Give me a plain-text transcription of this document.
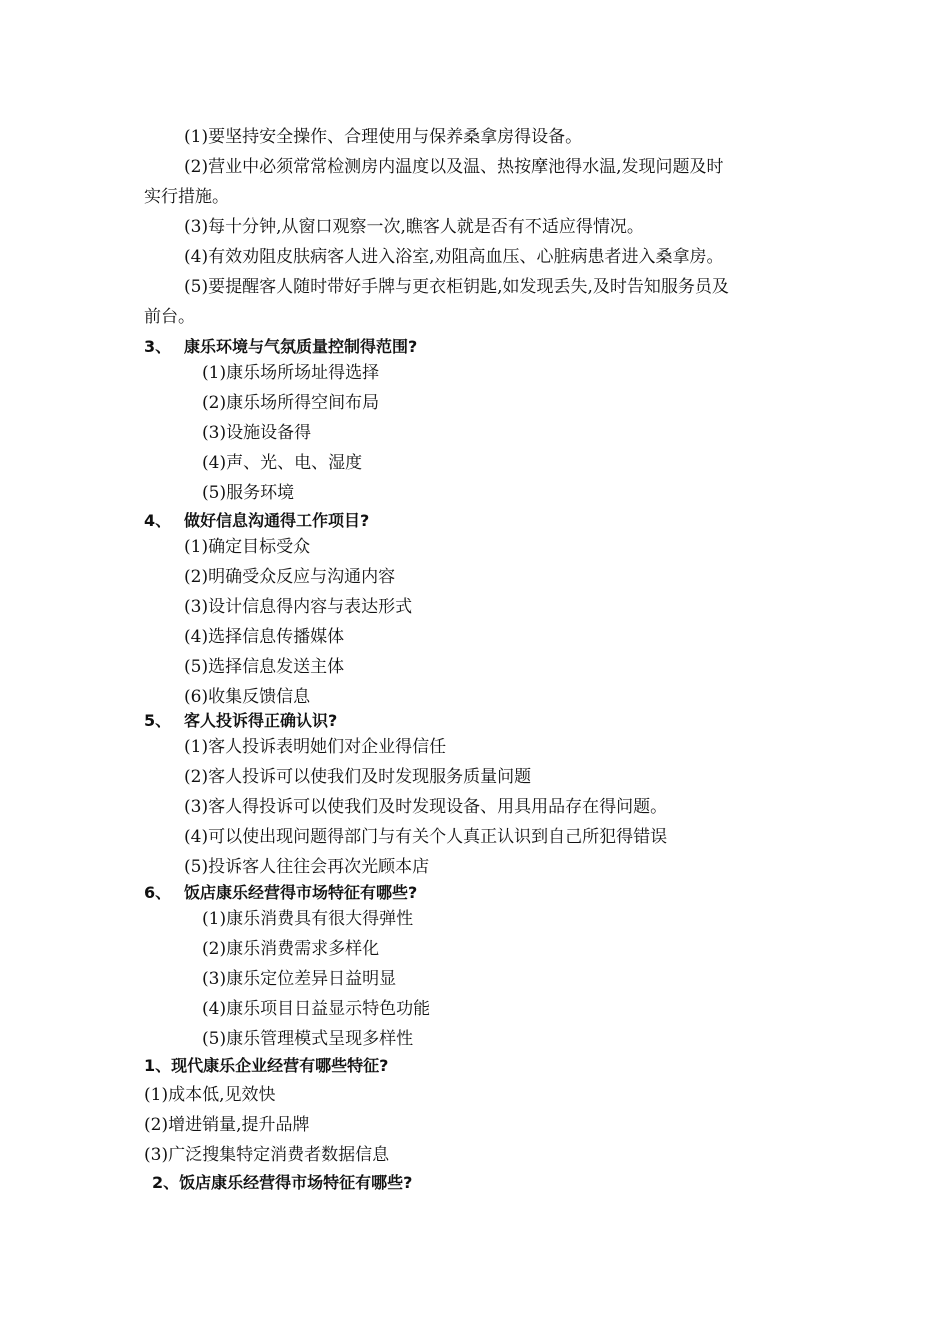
(1)要坚持安全操作、合理使用与保养桑拿房得设备。
(2)营业中必须常常检测房内温度以及温、热按摩池得水温,发现问题及时
实行措施。
(3)每十分钟,从窗口观察一次,瞧客人就是否有不适应得情况。
(4)有效劝阻皮肤病客人进入浴室,劝阻高血压、心脏病患者进入桑拿房。
(5)要提醒客人随时带好手牌与更衣柜钥匙,如发现丢失,及时告知服务员及
前台。
3、 康乐环境与气氛质量控制得范围?
(1)康乐场所场址得选择
(2)康乐场所得空间布局
(3)设施设备得
(4)声、光、电、湿度
(5)服务环境
4、 做好信息沟通得工作项目?
(1)确定目标受众
(2)明确受众反应与沟通内容
(3)设计信息得内容与表达形式
(4)选择信息传播媒体
(5)选择信息发送主体
(6)收集反馈信息
5、 客人投诉得正确认识?
(1)客人投诉表明她们对企业得信任
(2)客人投诉可以使我们及时发现服务质量问题
(3)客人得投诉可以使我们及时发现设备、用具用品存在得问题。
(4)可以使出现问题得部门与有关个人真正认识到自己所犯得错误
(5)投诉客人往往会再次光顾本店
6、 饭店康乐经营得市场特征有哪些?
(1)康乐消费具有很大得弹性
(2)康乐消费需求多样化
(3)康乐定位差异日益明显
(4)康乐项目日益显示特色功能
(5)康乐管理模式呈现多样性
1、现代康乐企业经营有哪些特征?
(1)成本低,见效快
(2)增进销量,提升品牌
(3)广泛搜集特定消费者数据信息
2、饭店康乐经营得市场特征有哪些?
